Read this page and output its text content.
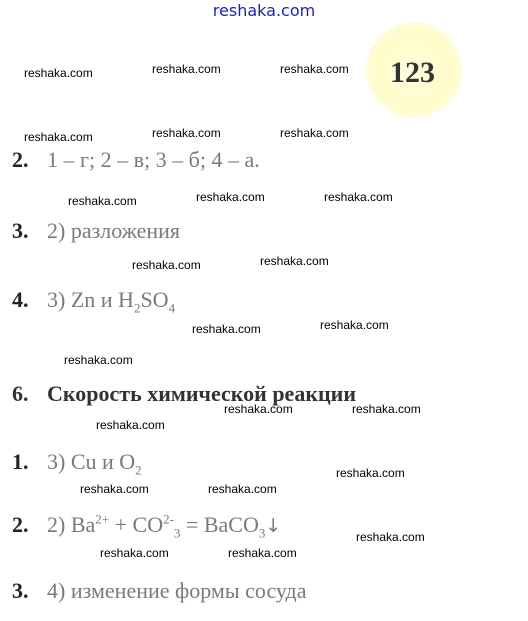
reshaka.com
123
reshaka.com	reshaka.com	reshaka.com
reshaka.com	reshaka.com	reshaka.com
reshaka.com	reshaka.com	reshaka.com
reshaka.com	reshaka.com
reshaka.com	reshaka.com
reshaka.com
reshaka.com	reshaka.com
reshaka.com
reshaka.com
reshaka.com	reshaka.com
reshaka.com
reshaka.com	reshaka.com
2. 1 – г; 2 – в; 3 – б; 4 – а.
3. 2) разложения
4. 3) Zn и $H_2SO_4$
6. Скорость химической реакции
1. 3) Cu и $O_2$
2. 2) $Ba^{2+} + CO^{2-}_3$ = BaCO$_3$↓
3. 4) изменение формы сосуда
